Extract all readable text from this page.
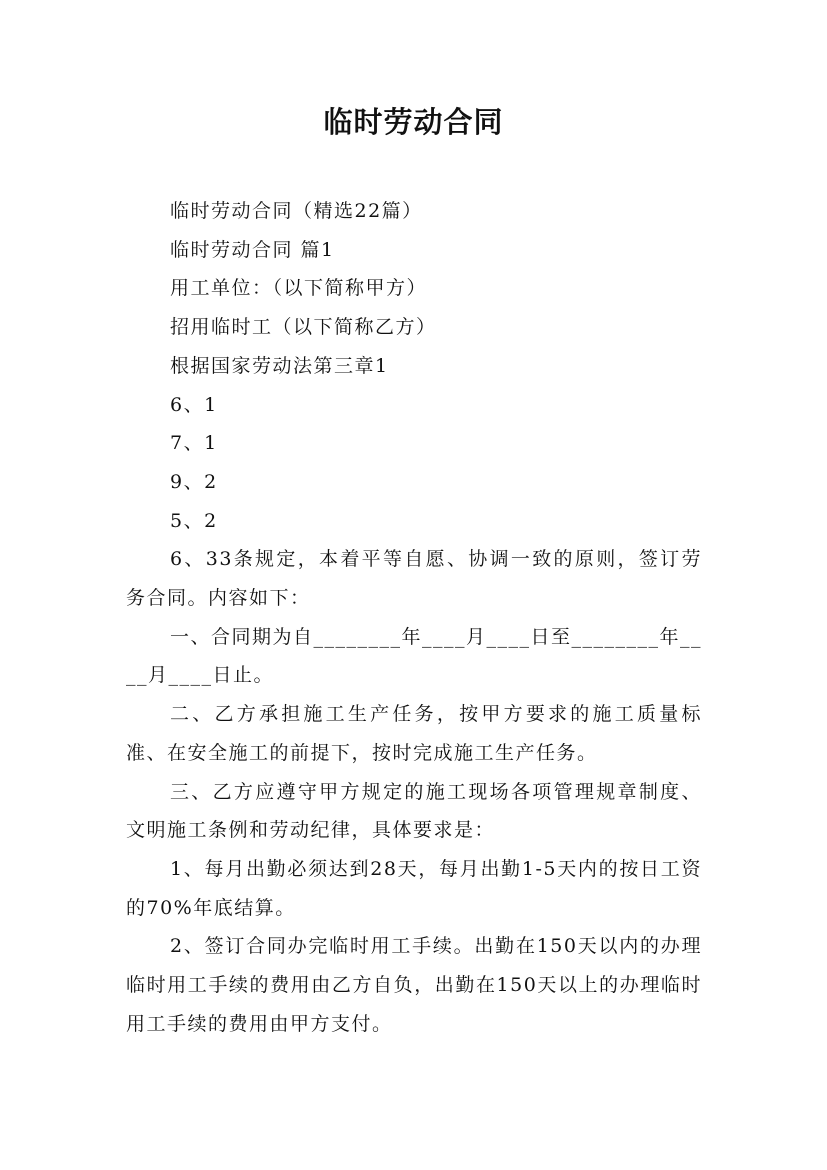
临时劳动合同

临时劳动合同（精选22篇）

临时劳动合同 篇1

用工单位：（以下简称甲方）

招用临时工（以下简称乙方）

根据国家劳动法第三章1

6、1

7、1

9、2

5、2

6、33条规定，本着平等自愿、协调一致的原则，签订劳务合同。内容如下：

一、合同期为自________年____月____日至________年____月____日止。

二、乙方承担施工生产任务，按甲方要求的施工质量标准、在安全施工的前提下，按时完成施工生产任务。

三、乙方应遵守甲方规定的施工现场各项管理规章制度、文明施工条例和劳动纪律，具体要求是：

1、每月出勤必须达到28天，每月出勤1-5天内的按日工资的70%年底结算。

2、签订合同办完临时用工手续。出勤在150天以内的办理临时用工手续的费用由乙方自负，出勤在150天以上的办理临时用工手续的费用由甲方支付。
